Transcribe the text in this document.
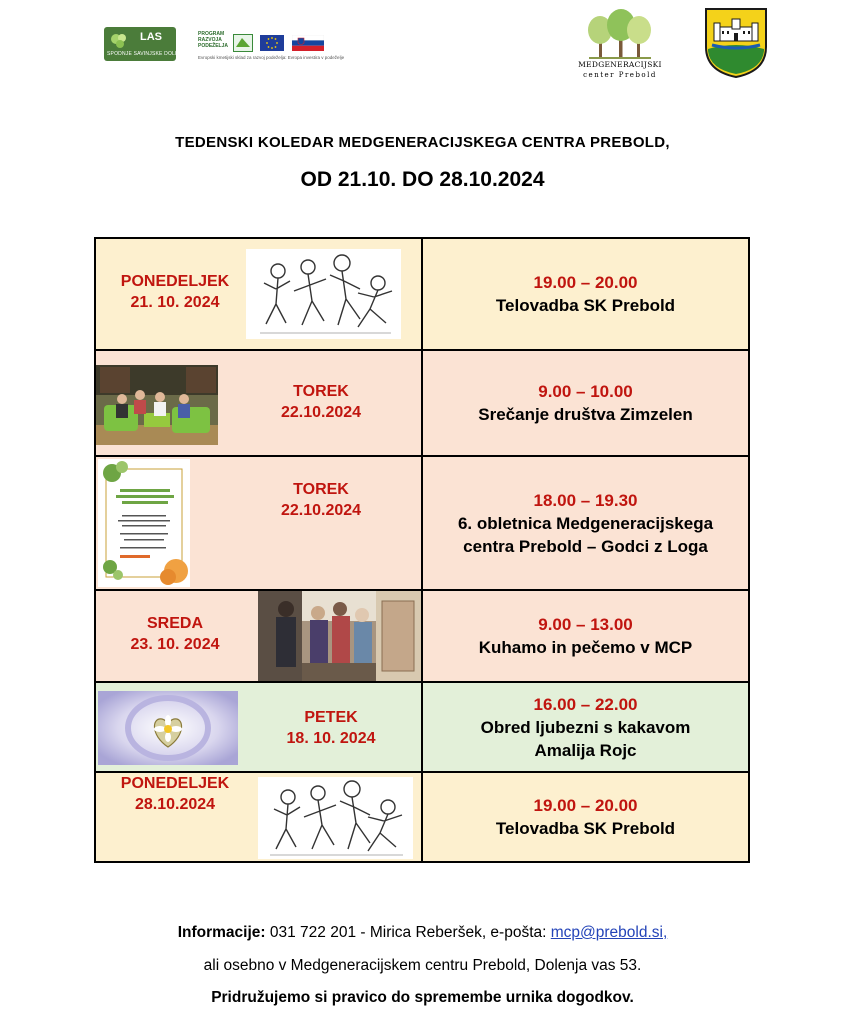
LAS
SPODNJE SAVINJSKE DOLINE
PROGRAM RAZVOJA PODEŽELJA
Evropski kmetijski sklad za razvoj podeželja: Evropa investira v podeželje
MEDGENERACIJSKI
center Prebold
TEDENSKI KOLEDAR MEDGENERACIJSKEGA CENTRA PREBOLD,
OD 21.10. DO 28.10.2024
PONEDELJEK
21. 10. 2024
19.00 – 20.00
Telovadba SK Prebold
TOREK
22.10.2024
9.00 – 10.00
Srečanje društva Zimzelen
TOREK
22.10.2024
18.00 – 19.30
6. obletnica Medgeneracijskega
centra Prebold – Godci z Loga
SREDA
23. 10. 2024
9.00 – 13.00
Kuhamo in pečemo v MCP
PETEK
18. 10. 2024
16.00 – 22.00
Obred ljubezni s kakavom
Amalija Rojc
PONEDELJEK
28.10.2024	19.00 – 20.00
Telovadba SK Prebold
Informacije: 031 722 201 - Mirica Reberšek, e-pošta: mcp@prebold.si,
ali osebno v Medgeneracijskem centru Prebold, Dolenja vas 53.
Pridružujemo si pravico do spremembe urnika dogodkov.
